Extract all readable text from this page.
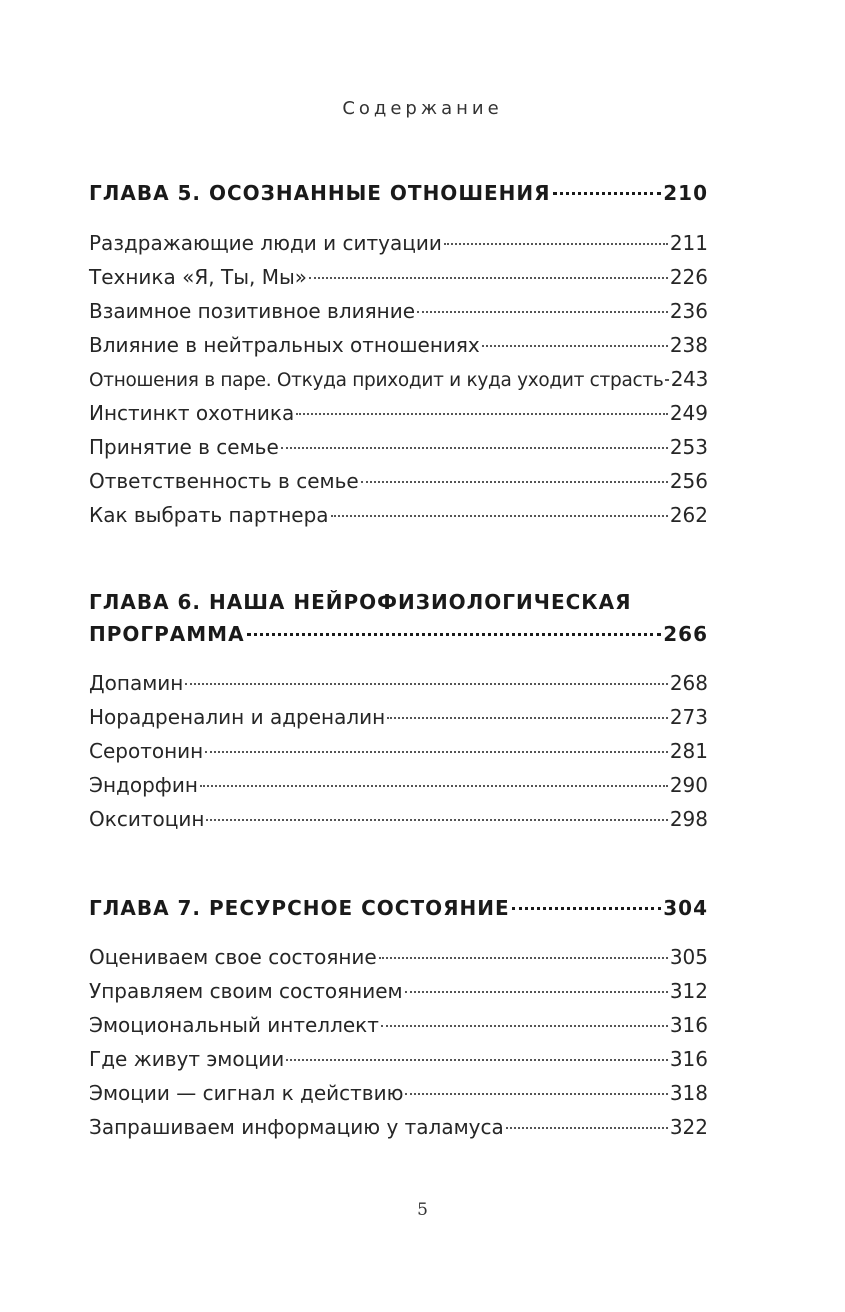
Содержание
ГЛАВА 5. ОСОЗНАННЫЕ ОТНОШЕНИЯ	210
Раздражающие люди и ситуации	211
Техника «Я, Ты, Мы»	226
Взаимное позитивное влияние	236
Влияние в нейтральных отношениях	238
Отношения в паре. Откуда приходит и куда уходит страсть 243
Инстинкт охотника	249
Принятие в семье	253
Ответственность в семье	256
Как выбрать партнера	262
ГЛАВА 6. НАША НЕЙРОФИЗИОЛОГИЧЕСКАЯ
ПРОГРАММА	266
Допамин	268
Норадреналин и адреналин	273
Серотонин	281
Эндорфин	290
Окситоцин	298
ГЛАВА 7. РЕСУРСНОЕ СОСТОЯНИЕ	304
Оцениваем свое состояние	305
Управляем своим состоянием	312
Эмоциональный интеллект	316
Где живут эмоции	316
Эмоции — сигнал к действию	318
Запрашиваем информацию у таламуса	322
5
